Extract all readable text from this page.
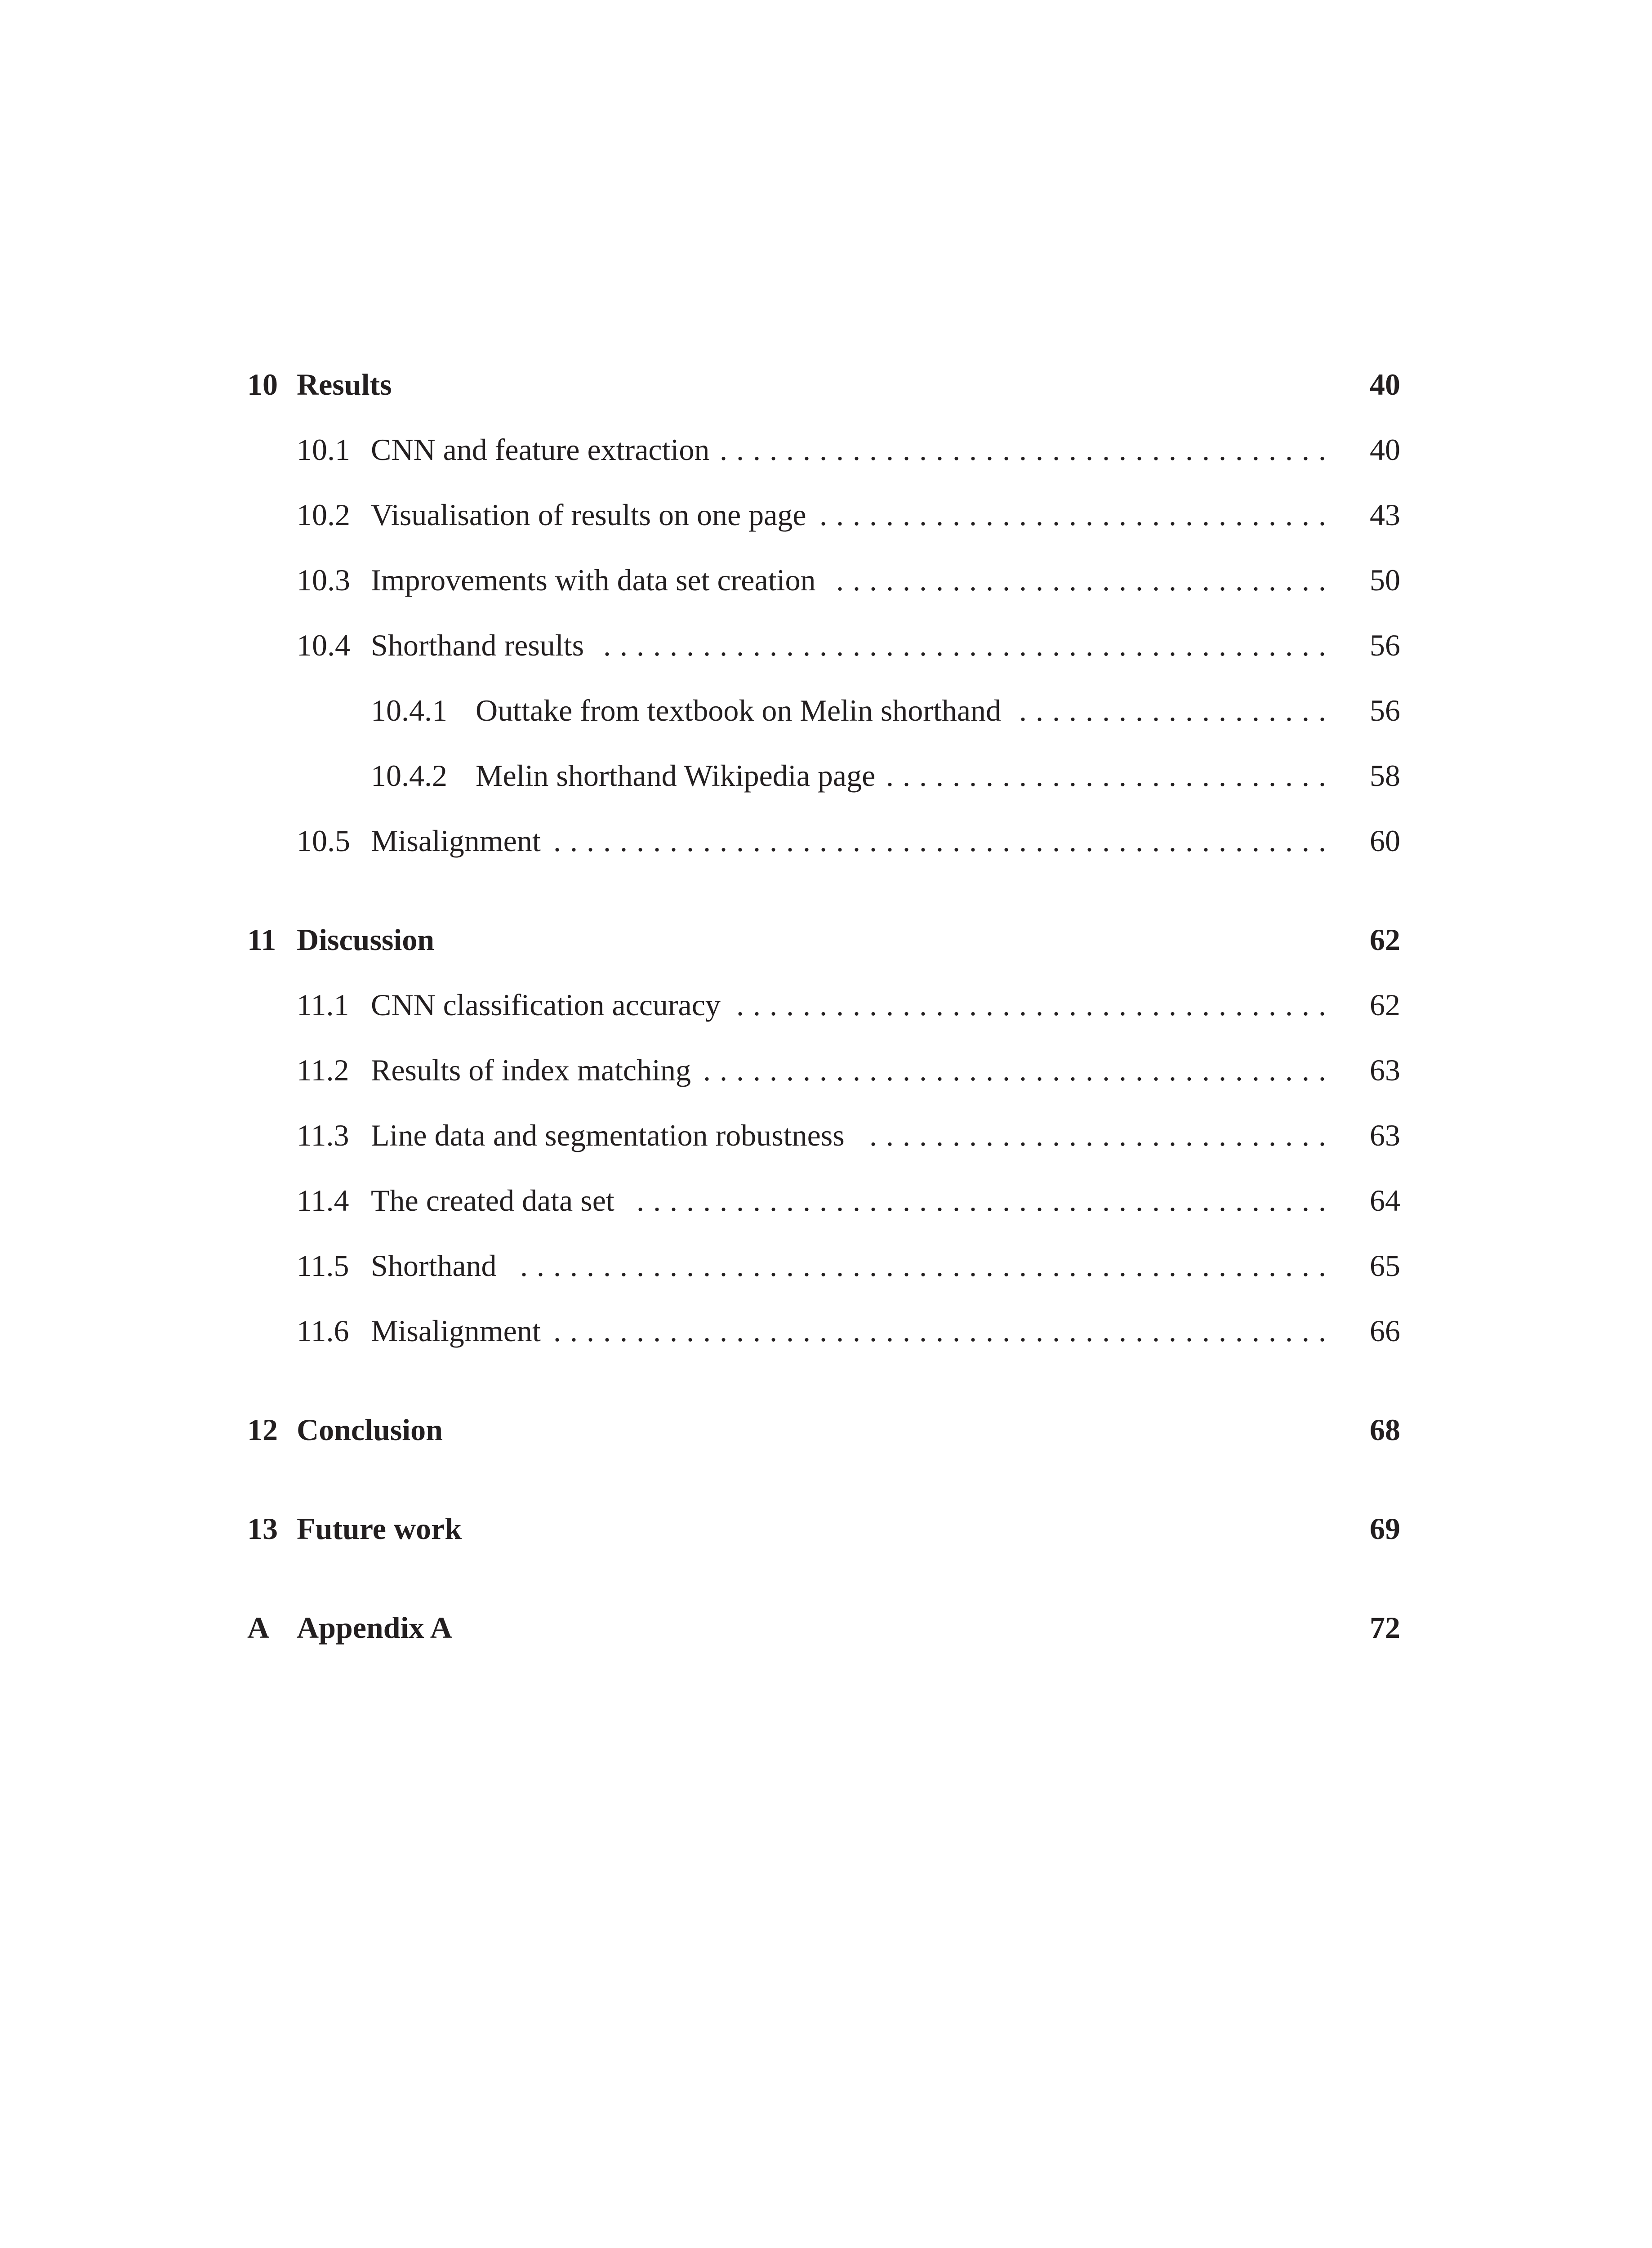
10 Results	40
10.1 CNN and feature extraction	40
.....................................
10.2 Visualisation of results on one page	43
...............................
10.3 Improvements with data set creation	50
..............................
10.4 Shorthand results	56
............................................
10.4.1 Outtake from textbook on Melin shorthand	56
...................
10.4.2 Melin shorthand Wikipedia page	58
...........................
10.5 Misalignment	60
...............................................
11 Discussion	62
11.1 CNN classification accuracy	62
....................................
11.2 Results of index matching	63
......................................
11.3 Line data and segmentation robustness	63
............................
11.4 The created data set	64
..........................................
11.5 Shorthand	65
.................................................
11.6 Misalignment	66
...............................................
12 Conclusion	68
13 Future work	69
A Appendix A	72
